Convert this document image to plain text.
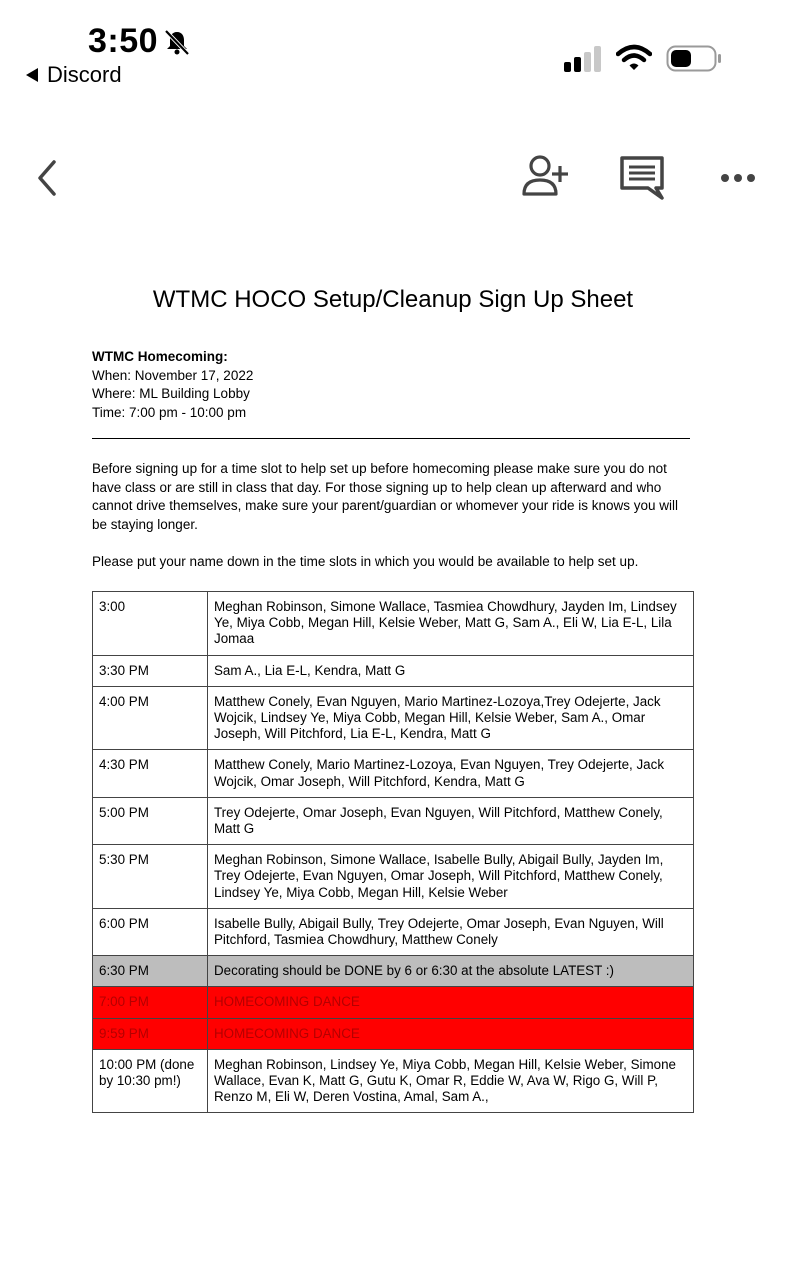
3:50
Discord
WTMC HOCO Setup/Cleanup Sign Up Sheet
WTMC Homecoming:
When: November 17, 2022
Where: ML Building Lobby
Time: 7:00 pm - 10:00 pm
Before signing up for a time slot to help set up before homecoming please make sure you do not have class or are still in class that day. For those signing up to help clean up afterward and who cannot drive themselves, make sure your parent/guardian or whomever your ride is knows you will be staying longer.
Please put your name down in the time slots in which you would be available to help set up.
3:00	Meghan Robinson, Simone Wallace, Tasmiea Chowdhury, Jayden Im, Lindsey Ye, Miya Cobb, Megan Hill, Kelsie Weber, Matt G, Sam A., Eli W, Lia E-L, Lila Jomaa
3:30 PM	Sam A., Lia E-L, Kendra, Matt G
4:00 PM	Matthew Conely, Evan Nguyen, Mario Martinez-Lozoya,Trey Odejerte, Jack Wojcik, Lindsey Ye, Miya Cobb, Megan Hill, Kelsie Weber, Sam A., Omar Joseph, Will Pitchford, Lia E-L, Kendra, Matt G
4:30 PM	Matthew Conely, Mario Martinez-Lozoya, Evan Nguyen, Trey Odejerte, Jack Wojcik, Omar Joseph, Will Pitchford, Kendra, Matt G
5:00 PM	Trey Odejerte, Omar Joseph, Evan Nguyen, Will Pitchford, Matthew Conely, Matt G
5:30 PM	Meghan Robinson, Simone Wallace, Isabelle Bully, Abigail Bully, Jayden Im, Trey Odejerte, Evan Nguyen, Omar Joseph, Will Pitchford, Matthew Conely, Lindsey Ye, Miya Cobb, Megan Hill, Kelsie Weber
6:00 PM	Isabelle Bully, Abigail Bully, Trey Odejerte, Omar Joseph, Evan Nguyen, Will Pitchford, Tasmiea Chowdhury, Matthew Conely
6:30 PM	Decorating should be DONE by 6 or 6:30 at the absolute LATEST :)
7:00 PM	HOMECOMING DANCE
9:59 PM	HOMECOMING DANCE
10:00 PM (done by 10:30 pm!)	Meghan Robinson, Lindsey Ye, Miya Cobb, Megan Hill, Kelsie Weber, Simone Wallace, Evan K, Matt G, Gutu K, Omar R, Eddie W, Ava W, Rigo G, Will P, Renzo M, Eli W, Deren Vostina, Amal, Sam A.,
